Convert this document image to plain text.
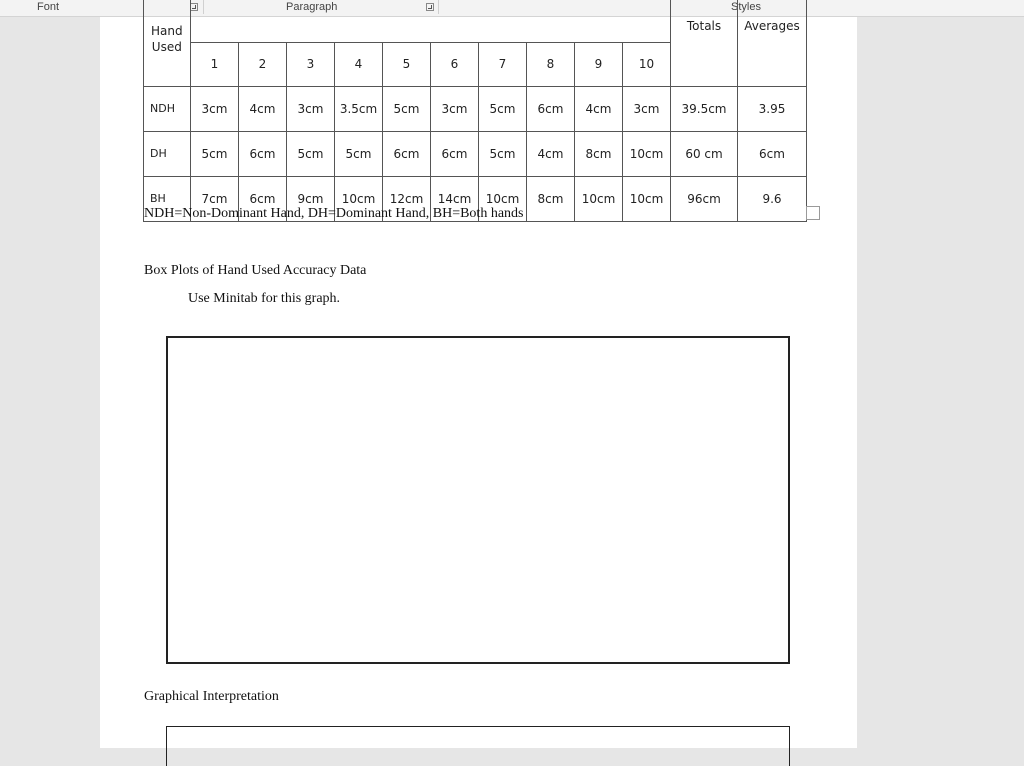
Font	Paragraph	Styles
Hand
Used											Totals	Averages
	1	2	3	4	5	6	7	8	9	10		
NDH	3cm	4cm	3cm	3.5cm	5cm	3cm	5cm	6cm	4cm	3cm	39.5cm	3.95
DH	5cm	6cm	5cm	5cm	6cm	6cm	5cm	4cm	8cm	10cm	60 cm	6cm
BH	7cm	6cm	9cm	10cm	12cm	14cm	10cm	8cm	10cm	10cm	96cm	9.6
NDH=Non-Dominant Hand, DH=Dominant Hand, BH=Both hands
Box Plots of Hand Used Accuracy Data
Use Minitab for this graph.
Graphical Interpretation
